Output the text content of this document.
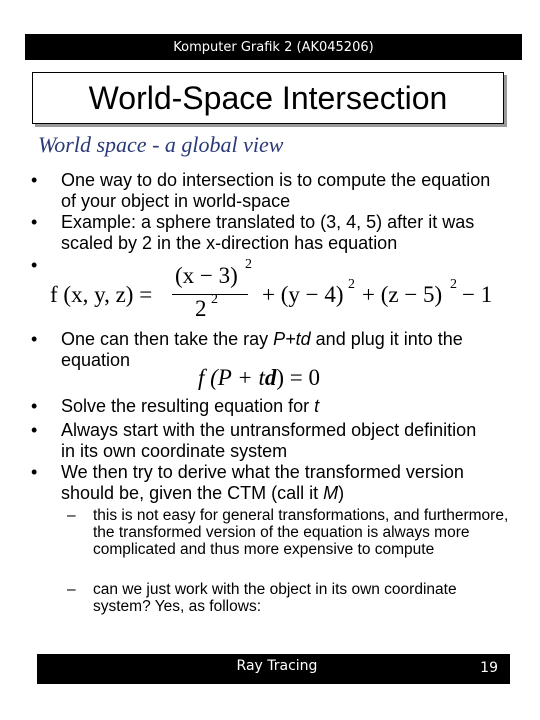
Komputer Grafik 2 (AK045206)
World-Space Intersection
World space - a global view
•	One way to do intersection is to compute the equation of your object in world-space
•	Example: a sphere translated to (3, 4, 5) after it was scaled by 2 in the x-direction has equation
•
f (x, y, z) =
(x − 3) 2
2 2 + (y − 4) 2 + (z − 5) 2 − 1
•	One can then take the ray P+td and plug it into the equation
f (P + td) = 0
•	Solve the resulting equation for t
•	Always start with the untransformed object definition in its own coordinate system
•	We then try to derive what the transformed version should be, given the CTM (call it M)
– this is not easy for general transformations, and furthermore, the transformed version of the equation is always more complicated and thus more expensive to compute
– can we just work with the object in its own coordinate system? Yes, as follows:
Ray Tracing	19
